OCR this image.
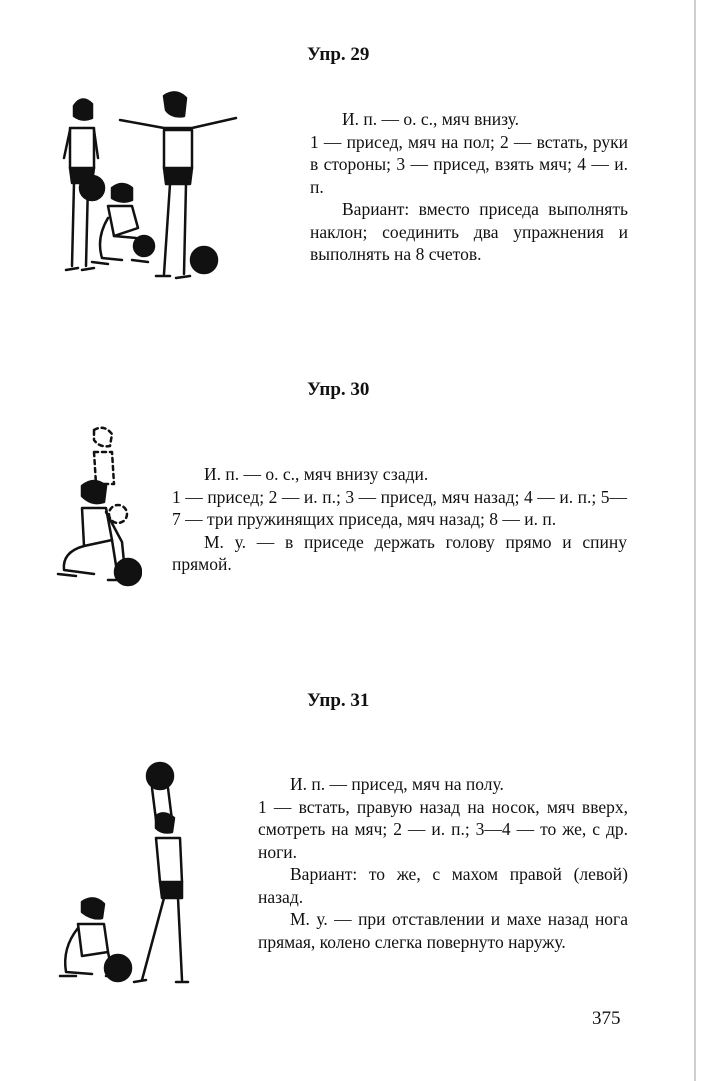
Упр. 29

И. п. — о. с., мяч внизу.

1 — присед, мяч на пол; 2 — встать, руки в стороны; 3 — присед, взять мяч; 4 — и. п.

Вариант: вместо приседа выполнять наклон; соединить два упражнения и выполнять на 8 счетов.

Упр. 30

И. п. — о. с., мяч внизу сзади.

1 — присед; 2 — и. п.; 3 — присед, мяч назад; 4 — и. п.; 5—7 — три пружинящих приседа, мяч назад; 8 — и. п.

М. у. — в приседе держать голову прямо и спину прямой.

Упр. 31

И. п. — присед, мяч на полу.

1 — встать, правую назад на носок, мяч вверх, смотреть на мяч; 2 — и. п.; 3—4 — то же, с др. ноги.

Вариант: то же, с махом правой (левой) назад.

М. у. — при отставлении и махе назад нога прямая, колено слегка повернуто наружу.

375
